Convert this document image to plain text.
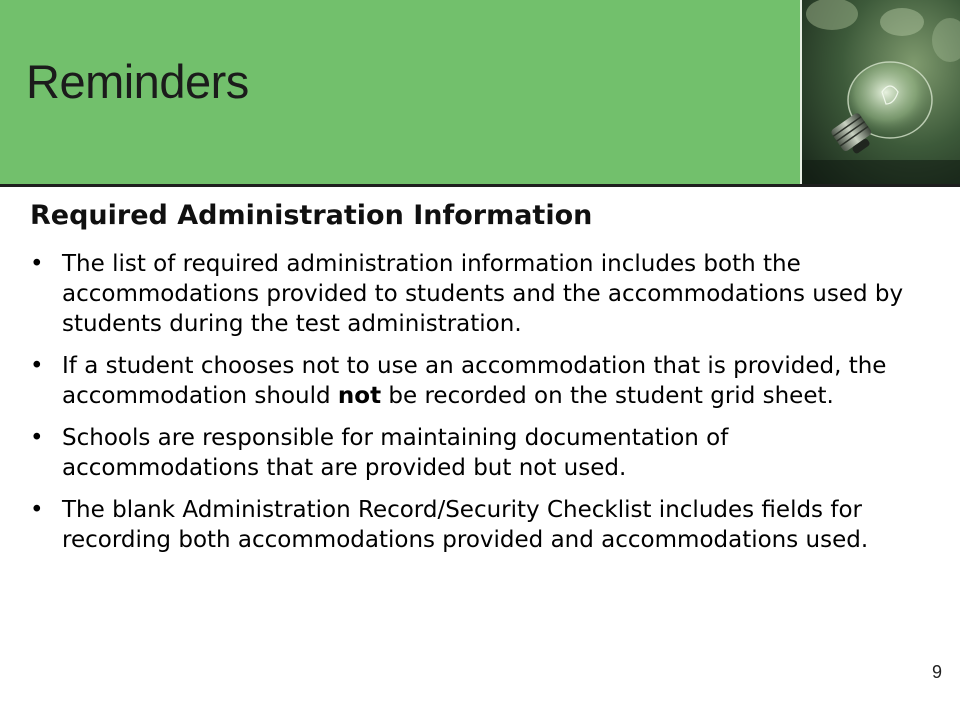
Reminders
Required Administration Information
• The list of required administration information includes both the accommodations provided to students and the accommodations used by students during the test administration.
• If a student chooses not to use an accommodation that is provided, the accommodation should not be recorded on the student grid sheet.
• Schools are responsible for maintaining documentation of accommodations that are provided but not used.
• The blank Administration Record/Security Checklist includes fields for recording both accommodations provided and accommodations used.
9
